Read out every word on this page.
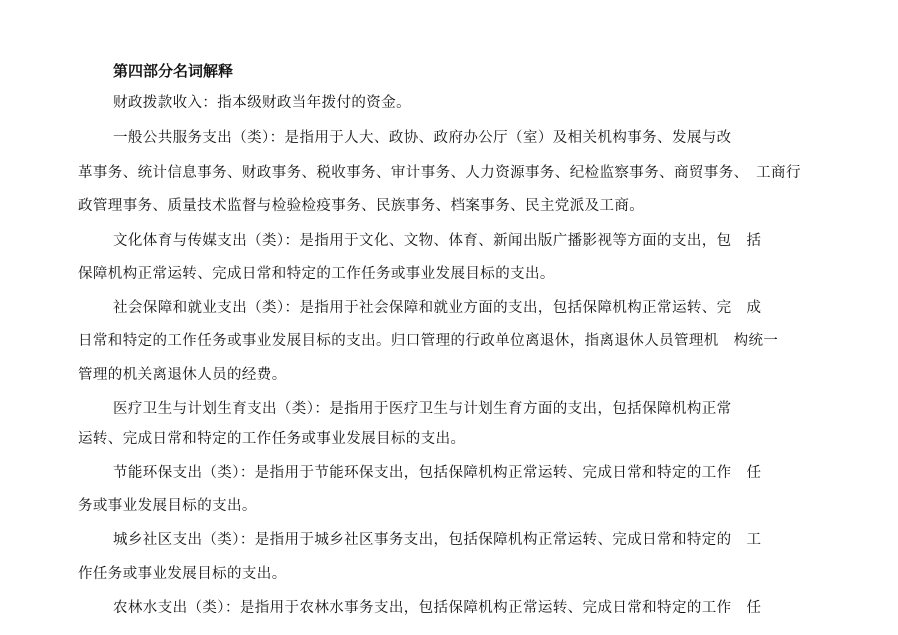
第四部分名词解释
财政拨款收入：指本级财政当年拨付的资金。
一般公共服务支出（类）：是指用于人大、政协、政府办公厅（室）及相关机构事务、发展与改
革事务、统计信息事务、财政事务、税收事务、审计事务、人力资源事务、纪检监察事务、商贸事务、　工商行
政管理事务、质量技术监督与检验检疫事务、民族事务、档案事务、民主党派及工商。
文化体育与传媒支出（类）：是指用于文化、文物、体育、新闻出版广播影视等方面的支出，包　括
保障机构正常运转、完成日常和特定的工作任务或事业发展目标的支出。
社会保障和就业支出（类）：是指用于社会保障和就业方面的支出，包括保障机构正常运转、完　成
日常和特定的工作任务或事业发展目标的支出。归口管理的行政单位离退休，指离退休人员管理机　构统一
管理的机关离退休人员的经费。
医疗卫生与计划生育支出（类）：是指用于医疗卫生与计划生育方面的支出，包括保障机构正常
运转、完成日常和特定的工作任务或事业发展目标的支出。
节能环保支出（类）：是指用于节能环保支出，包括保障机构正常运转、完成日常和特定的工作　任
务或事业发展目标的支出。
城乡社区支出（类）：是指用于城乡社区事务支出，包括保障机构正常运转、完成日常和特定的　工
作任务或事业发展目标的支出。
农林水支出（类）：是指用于农林水事务支出，包括保障机构正常运转、完成日常和特定的工作　任
